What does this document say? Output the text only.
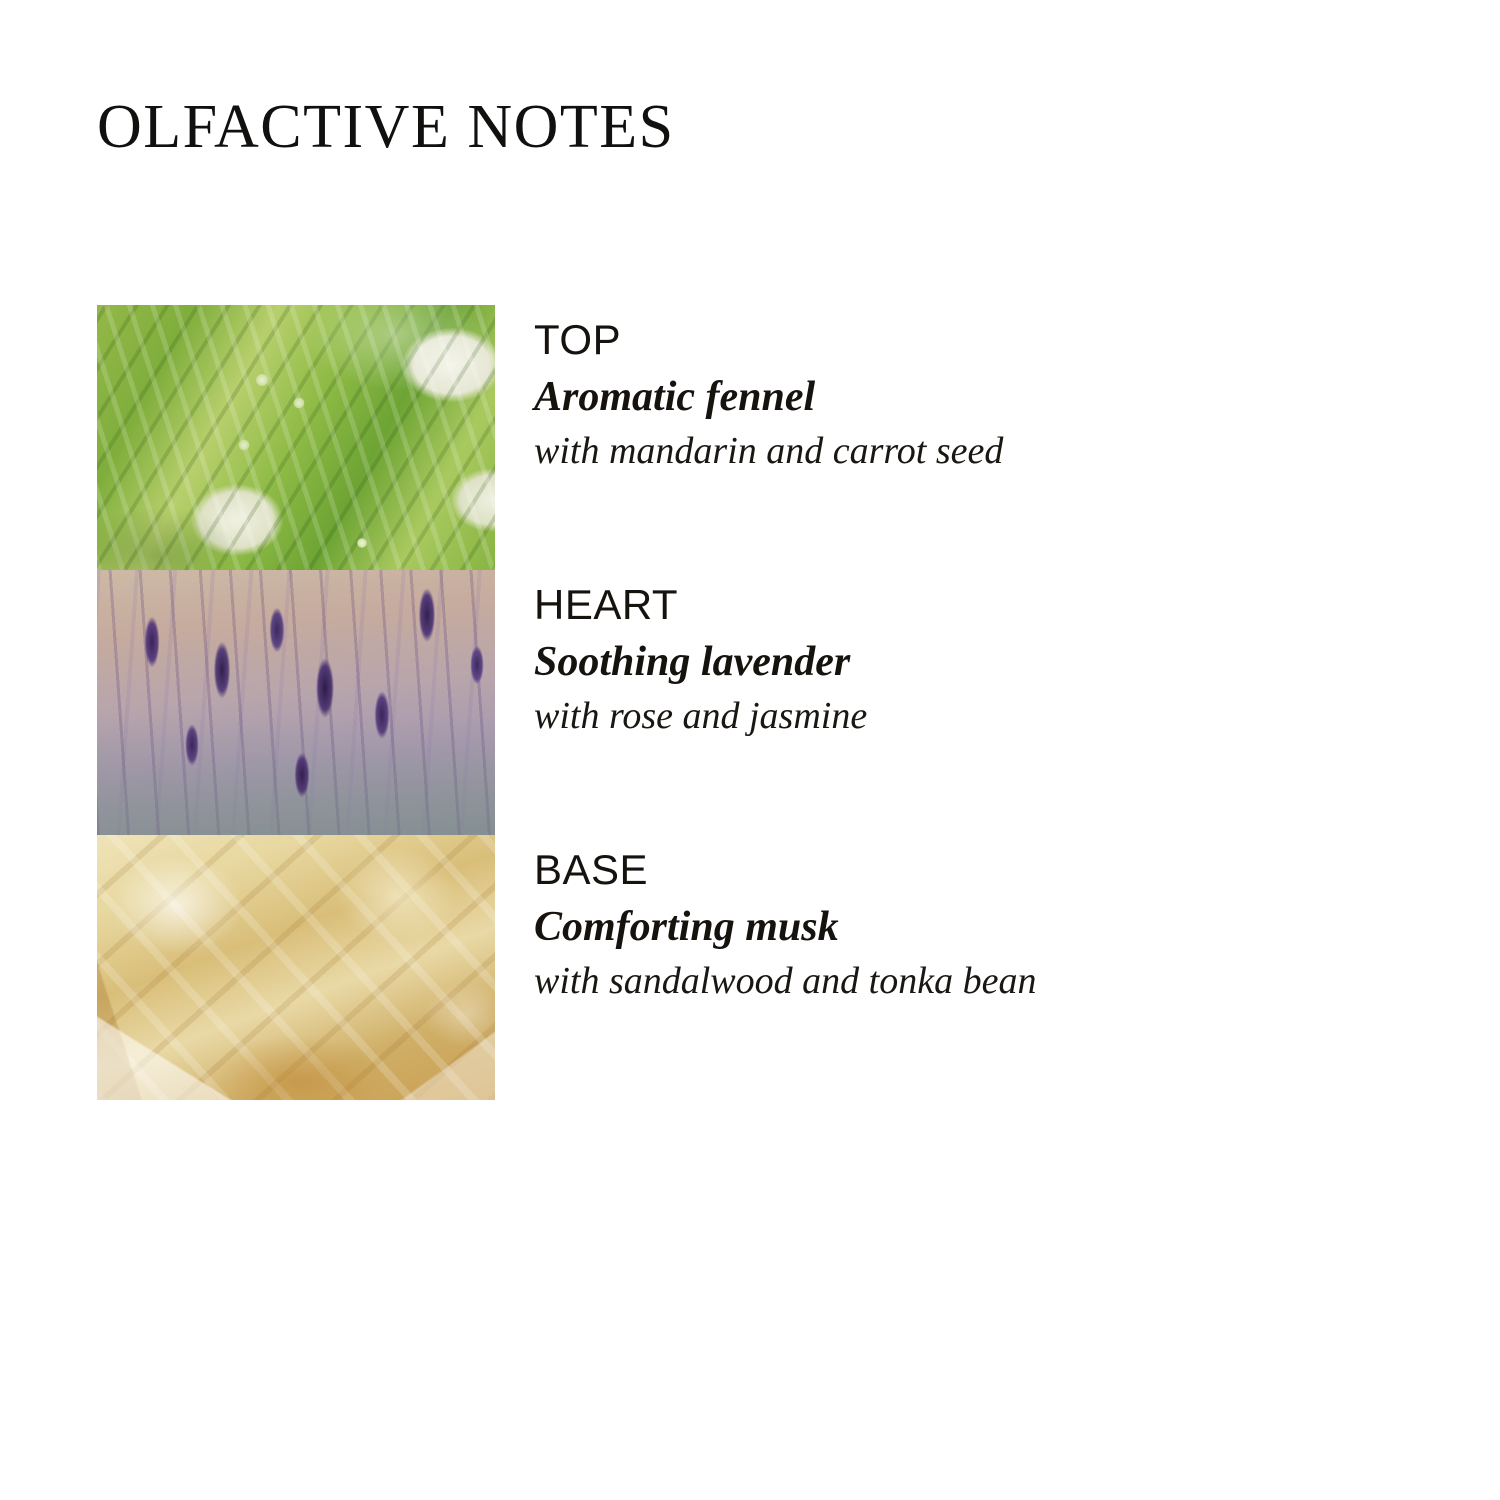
OLFACTIVE NOTES
TOP
Aromatic fennel
with mandarin and carrot seed
HEART
Soothing lavender
with rose and jasmine
BASE
Comforting musk
with sandalwood and tonka bean
